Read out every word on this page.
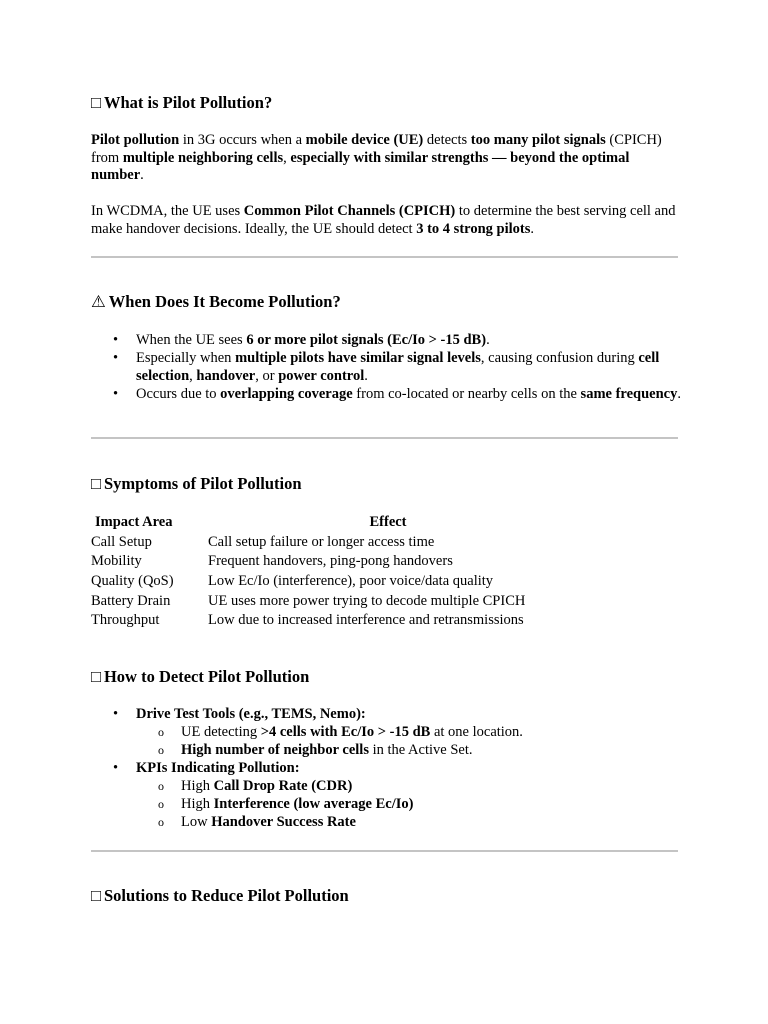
□ What is Pilot Pollution?

Pilot pollution in 3G occurs when a mobile device (UE) detects too many pilot signals (CPICH) from multiple neighboring cells, especially with similar strengths — beyond the optimal number.

In WCDMA, the UE uses Common Pilot Channels (CPICH) to determine the best serving cell and make handover decisions. Ideally, the UE should detect 3 to 4 strong pilots.

⚠ When Does It Become Pollution?
• When the UE sees 6 or more pilot signals (Ec/Io > -15 dB).
• Especially when multiple pilots have similar signal levels, causing confusion during cell selection, handover, or power control.
• Occurs due to overlapping coverage from co-located or nearby cells on the same frequency.
□ Symptoms of Pilot Pollution
Impact Area	Effect
Call Setup	Call setup failure or longer access time
Mobility	Frequent handovers, ping-pong handovers
Quality (QoS)	Low Ec/Io (interference), poor voice/data quality
Battery Drain	UE uses more power trying to decode multiple CPICH
Throughput	Low due to increased interference and retransmissions
□ How to Detect Pilot Pollution
• Drive Test Tools (e.g., TEMS, Nemo):
o UE detecting >4 cells with Ec/Io > -15 dB at one location.
o High number of neighbor cells in the Active Set.
• KPIs Indicating Pollution:
o High Call Drop Rate (CDR)
o High Interference (low average Ec/Io)
o Low Handover Success Rate
□ Solutions to Reduce Pilot Pollution
